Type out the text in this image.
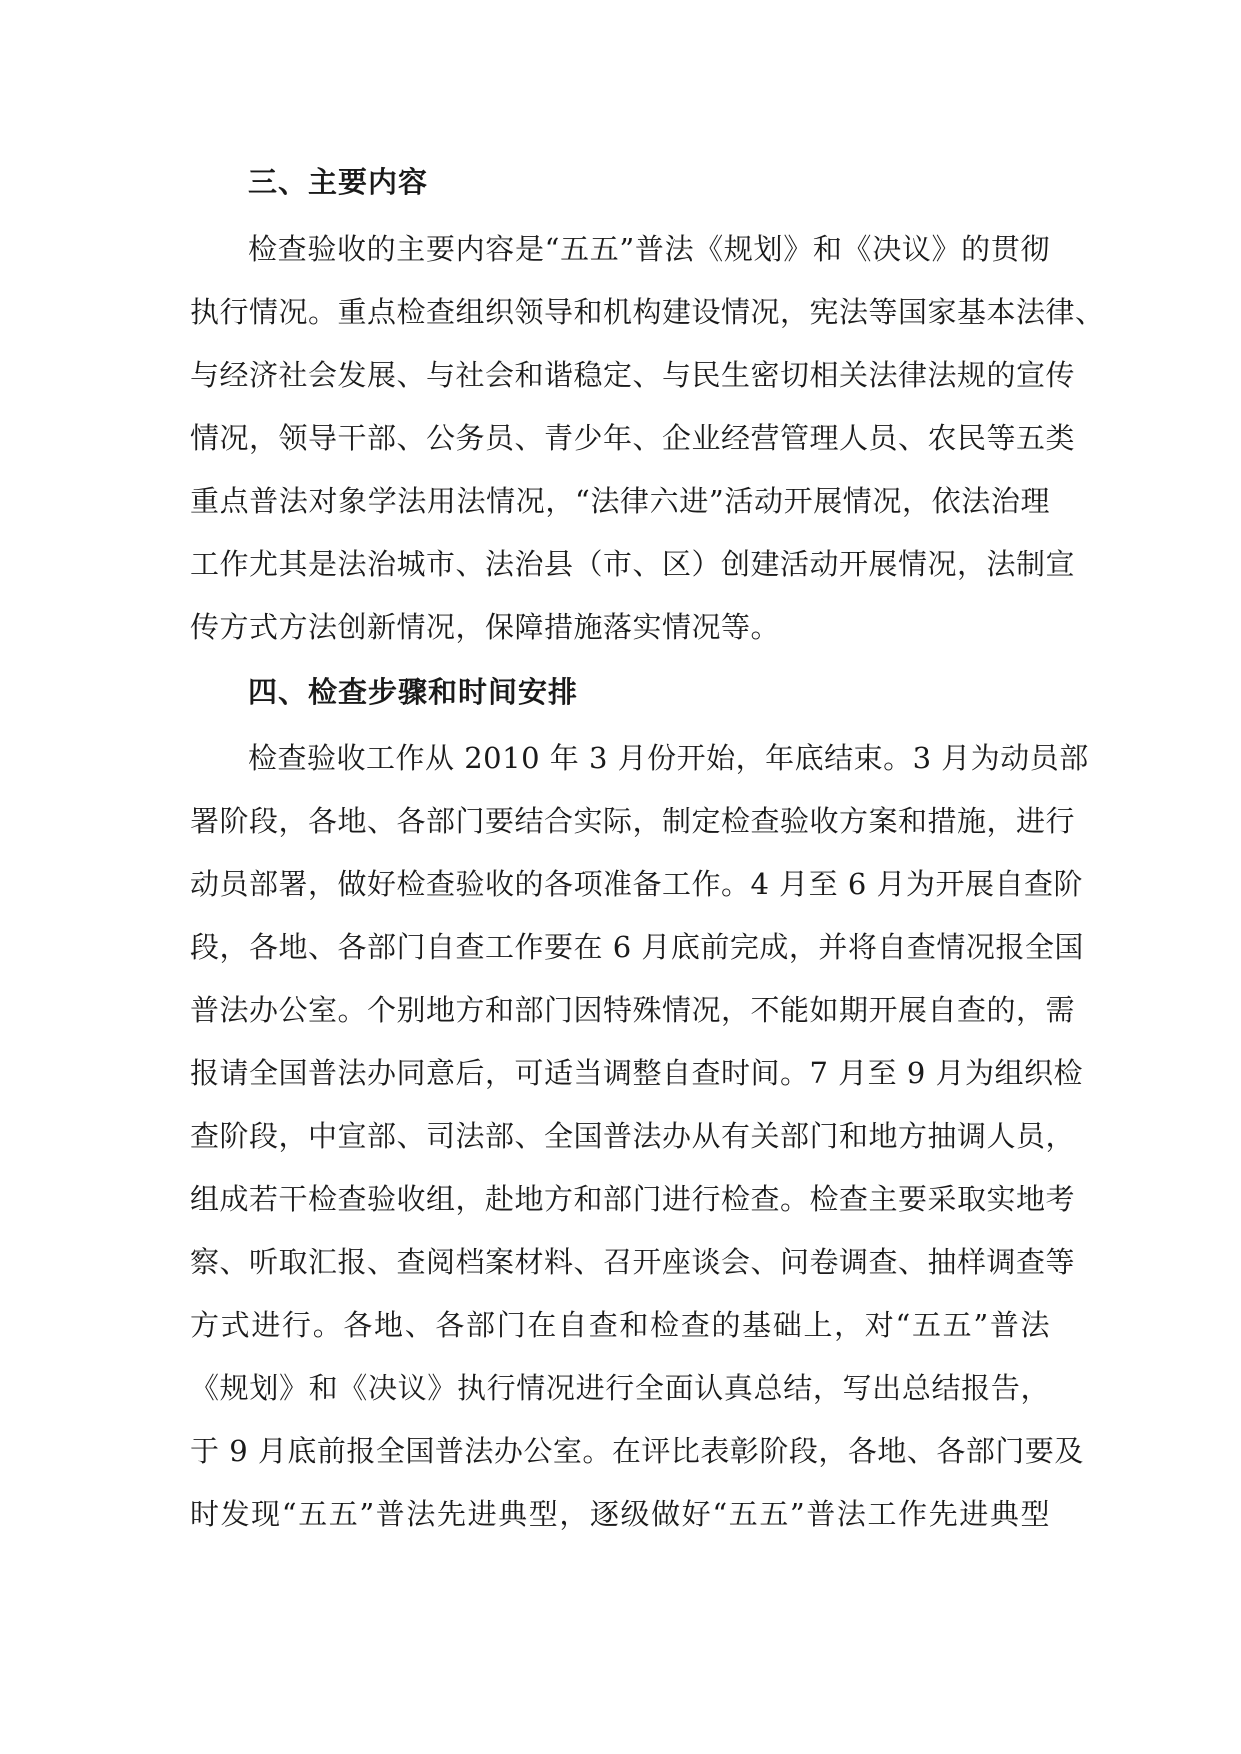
三、主要内容
检查验收的主要内容是“五五”普法《规划》和《决议》的贯彻
执行情况。重点检查组织领导和机构建设情况，宪法等国家基本法律、
与经济社会发展、与社会和谐稳定、与民生密切相关法律法规的宣传
情况，领导干部、公务员、青少年、企业经营管理人员、农民等五类
重点普法对象学法用法情况，“法律六进”活动开展情况，依法治理
工作尤其是法治城市、法治县（市、区）创建活动开展情况，法制宣
传方式方法创新情况，保障措施落实情况等。
四、检查步骤和时间安排
检查验收工作从 2010 年 3 月份开始，年底结束。3 月为动员部
署阶段，各地、各部门要结合实际，制定检查验收方案和措施，进行
动员部署，做好检查验收的各项准备工作。4 月至 6 月为开展自查阶
段，各地、各部门自查工作要在 6 月底前完成，并将自查情况报全国
普法办公室。个别地方和部门因特殊情况，不能如期开展自查的，需
报请全国普法办同意后，可适当调整自查时间。7 月至 9 月为组织检
查阶段，中宣部、司法部、全国普法办从有关部门和地方抽调人员，
组成若干检查验收组，赴地方和部门进行检查。检查主要采取实地考
察、听取汇报、查阅档案材料、召开座谈会、问卷调查、抽样调查等
方式进行。各地、各部门在自查和检查的基础上，对“五五”普法
《规划》和《决议》执行情况进行全面认真总结，写出总结报告，
于 9 月底前报全国普法办公室。在评比表彰阶段，各地、各部门要及
时发现“五五”普法先进典型，逐级做好“五五”普法工作先进典型
